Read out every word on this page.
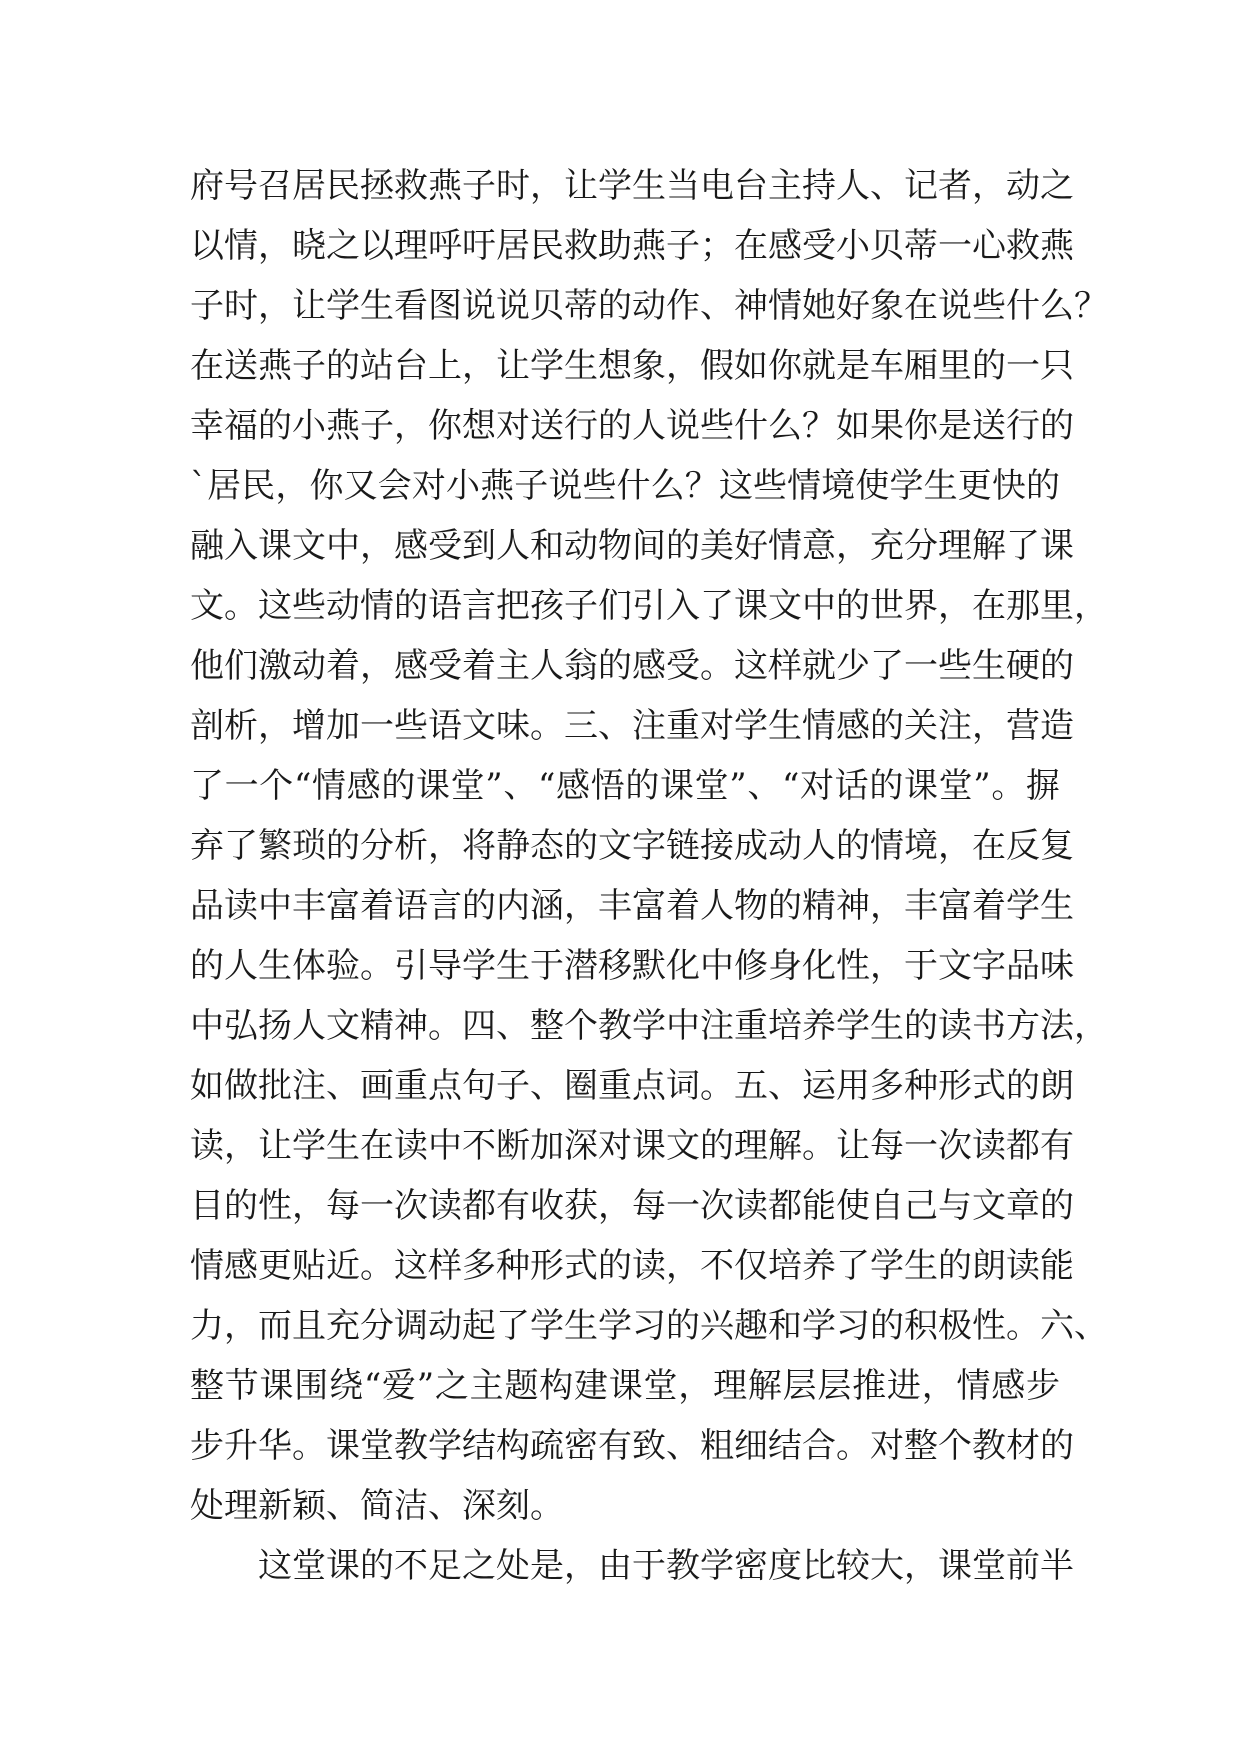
府号召居民拯救燕子时，让学生当电台主持人、记者，动之
以情，晓之以理呼吁居民救助燕子；在感受小贝蒂一心救燕
子时，让学生看图说说贝蒂的动作、神情她好象在说些什么？
在送燕子的站台上，让学生想象，假如你就是车厢里的一只
幸福的小燕子，你想对送行的人说些什么？如果你是送行的
`居民，你又会对小燕子说些什么？这些情境使学生更快的
融入课文中，感受到人和动物间的美好情意，充分理解了课
文。这些动情的语言把孩子们引入了课文中的世界，在那里，
他们激动着，感受着主人翁的感受。这样就少了一些生硬的
剖析，增加一些语文味。三、注重对学生情感的关注，营造
了一个“情感的课堂”、“感悟的课堂”、“对话的课堂”。摒
弃了繁琐的分析，将静态的文字链接成动人的情境，在反复
品读中丰富着语言的内涵，丰富着人物的精神，丰富着学生
的人生体验。引导学生于潜移默化中修身化性，于文字品味
中弘扬人文精神。四、整个教学中注重培养学生的读书方法，
如做批注、画重点句子、圈重点词。五、运用多种形式的朗
读，让学生在读中不断加深对课文的理解。让每一次读都有
目的性，每一次读都有收获，每一次读都能使自己与文章的
情感更贴近。这样多种形式的读，不仅培养了学生的朗读能
力，而且充分调动起了学生学习的兴趣和学习的积极性。六、
整节课围绕“爱”之主题构建课堂，理解层层推进，情感步
步升华。课堂教学结构疏密有致、粗细结合。对整个教材的
处理新颖、简洁、深刻。
这堂课的不足之处是，由于教学密度比较大，课堂前半
